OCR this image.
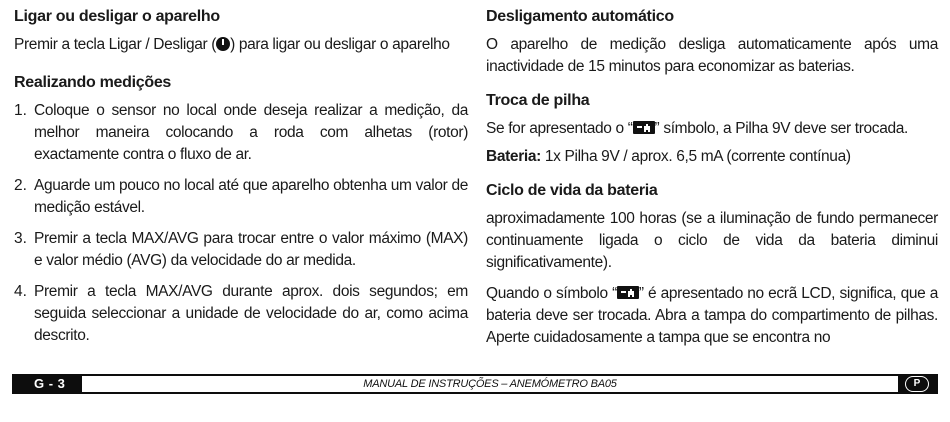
Ligar ou desligar o aparelho
Premir a tecla Ligar / Desligar ( ) para ligar ou desligar o aparelho
Realizando medições
1. Coloque o sensor no local onde deseja realizar a medição, da melhor maneira colocando a roda com alhetas (rotor) exactamente contra o fluxo de ar.
2. Aguarde um pouco no local até que aparelho obtenha um valor de medição estável.
3. Premir a tecla MAX/AVG para trocar entre o valor máximo (MAX) e valor médio (AVG) da velocidade do ar medida.
4. Premir a tecla MAX/AVG durante aprox. dois segundos; em seguida seleccionar a unidade de velocidade do ar, como acima descrito.
Desligamento automático
O aparelho de medição desliga automaticamente após uma inactividade de 15 minutos para economizar as baterias.
Troca de pilha
Se for apresentado o “ ” símbolo, a Pilha 9V deve ser trocada.
Bateria: 1x Pilha 9V / aprox. 6,5 mA (corrente contínua)
Ciclo de vida da bateria
aproximadamente 100 horas (se a iluminação de fundo permanecer continuamente ligada o ciclo de vida da bateria diminui significativamente).
Quando o símbolo “ ” é apresentado no ecrã LCD, significa, que a bateria deve ser trocada. Abra a tampa do compartimento de pilhas. Aperte cuidadosamente a tampa que se encontra no
G - 3	MANUAL DE INSTRUÇÕES – ANEMÓMETRO BA05	P
